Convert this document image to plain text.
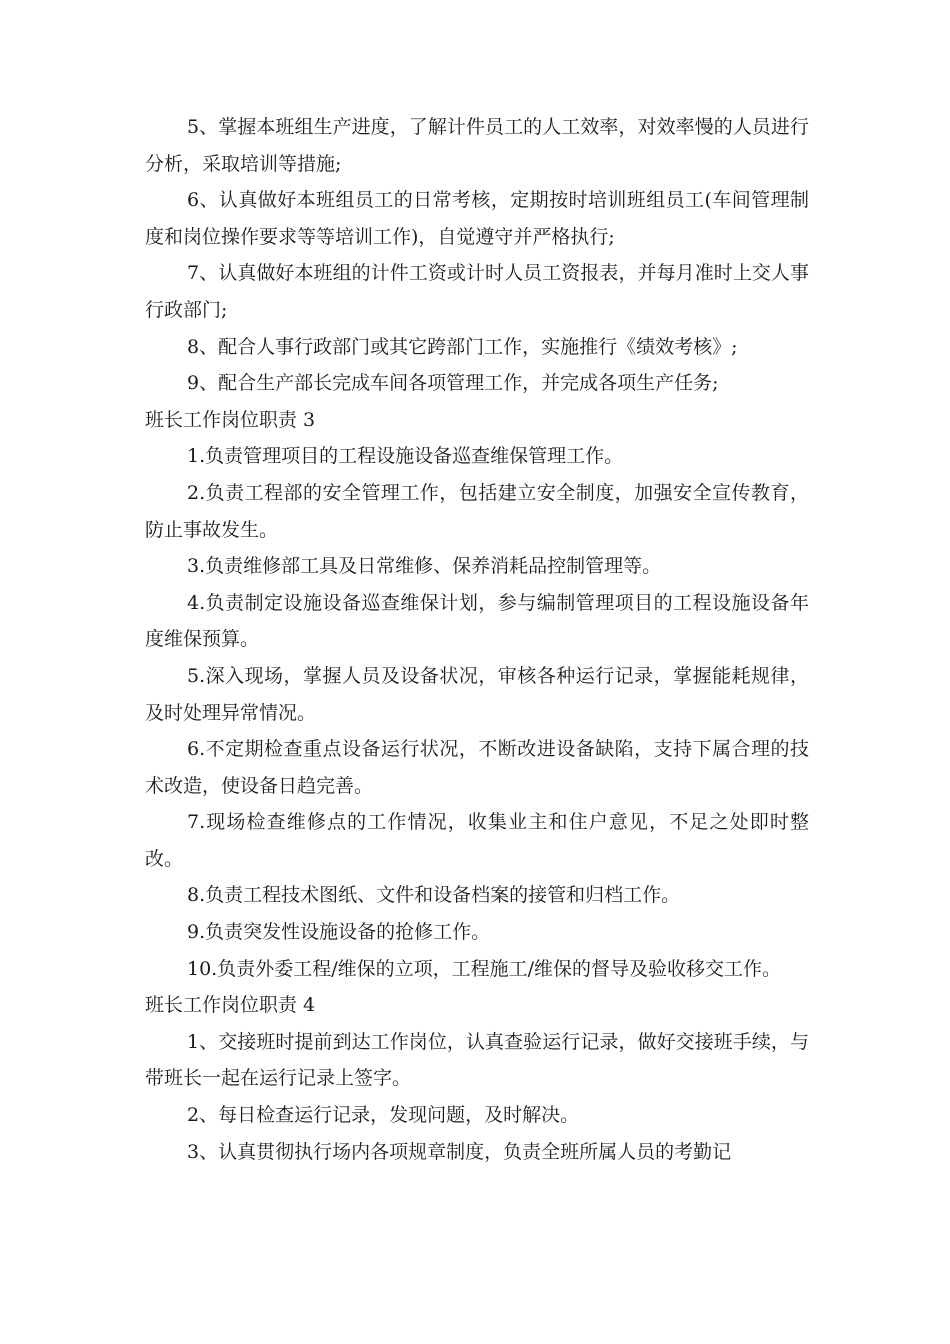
5、掌握本班组生产进度，了解计件员工的人工效率，对效率慢的人员进行分析，采取培训等措施;

6、认真做好本班组员工的日常考核，定期按时培训班组员工(车间管理制度和岗位操作要求等等培训工作)，自觉遵守并严格执行;

7、认真做好本班组的计件工资或计时人员工资报表，并每月准时上交人事行政部门;

8、配合人事行政部门或其它跨部门工作，实施推行《绩效考核》;

9、配合生产部长完成车间各项管理工作，并完成各项生产任务;

班长工作岗位职责 3

1.负责管理项目的工程设施设备巡查维保管理工作。

2.负责工程部的安全管理工作，包括建立安全制度，加强安全宣传教育，防止事故发生。

3.负责维修部工具及日常维修、保养消耗品控制管理等。

4.负责制定设施设备巡查维保计划，参与编制管理项目的工程设施设备年度维保预算。

5.深入现场，掌握人员及设备状况，审核各种运行记录，掌握能耗规律，及时处理异常情况。

6.不定期检查重点设备运行状况，不断改进设备缺陷，支持下属合理的技术改造，使设备日趋完善。

7.现场检查维修点的工作情况，收集业主和住户意见，不足之处即时整改。

8.负责工程技术图纸、文件和设备档案的接管和归档工作。

9.负责突发性设施设备的抢修工作。

10.负责外委工程/维保的立项，工程施工/维保的督导及验收移交工作。

班长工作岗位职责 4

1、交接班时提前到达工作岗位，认真查验运行记录，做好交接班手续，与带班长一起在运行记录上签字。

2、每日检查运行记录，发现问题，及时解决。

3、认真贯彻执行场内各项规章制度，负责全班所属人员的考勤记
